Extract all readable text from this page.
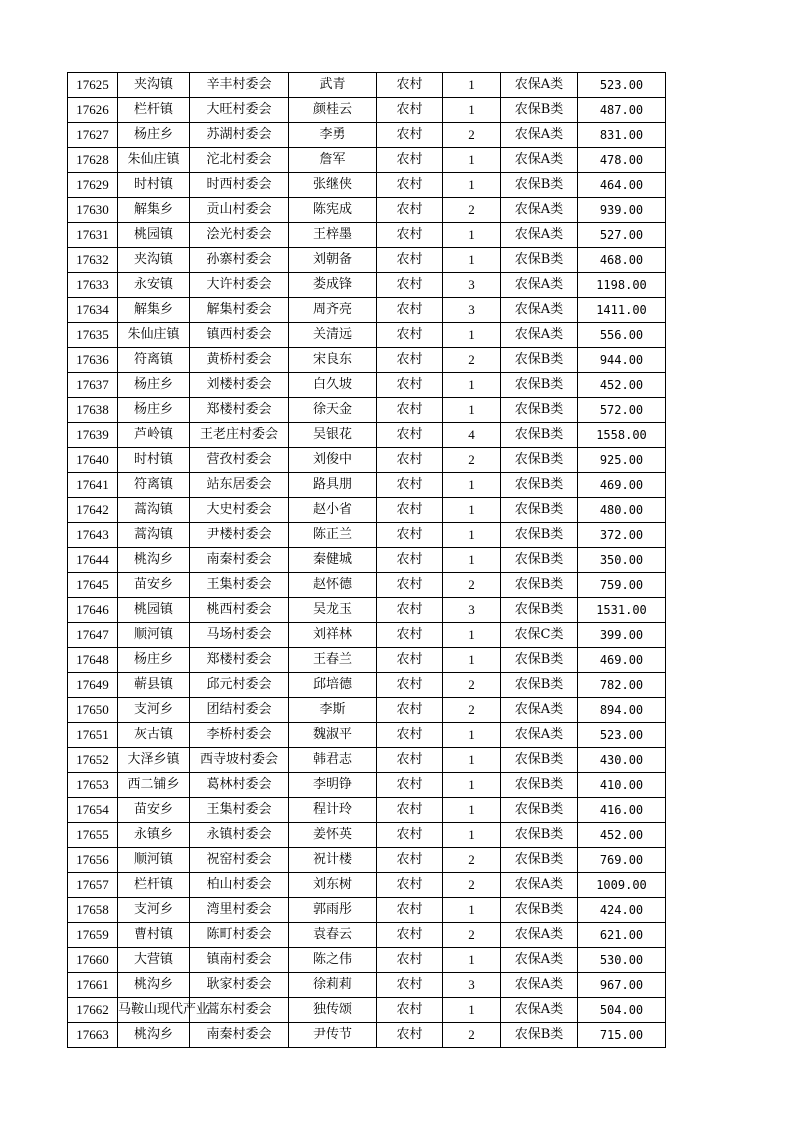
17625	夹沟镇	辛丰村委会	武青	农村	1	农保A类	523.00
17626	栏杆镇	大旺村委会	颜桂云	农村	1	农保B类	487.00
17627	杨庄乡	苏湖村委会	李勇	农村	2	农保A类	831.00
17628	朱仙庄镇	沱北村委会	詹军	农村	1	农保A类	478.00
17629	时村镇	时西村委会	张继侠	农村	1	农保B类	464.00
17630	解集乡	贡山村委会	陈宪成	农村	2	农保A类	939.00
17631	桃园镇	浍光村委会	王梓墨	农村	1	农保A类	527.00
17632	夹沟镇	孙寨村委会	刘朝备	农村	1	农保B类	468.00
17633	永安镇	大许村委会	娄成锋	农村	3	农保A类	1198.00
17634	解集乡	解集村委会	周齐亮	农村	3	农保A类	1411.00
17635	朱仙庄镇	镇西村委会	关清远	农村	1	农保A类	556.00
17636	符离镇	黄桥村委会	宋良东	农村	2	农保B类	944.00
17637	杨庄乡	刘楼村委会	白久坡	农村	1	农保B类	452.00
17638	杨庄乡	郑楼村委会	徐天金	农村	1	农保B类	572.00
17639	芦岭镇	王老庄村委会	吴银花	农村	4	农保B类	1558.00
17640	时村镇	营孜村委会	刘俊中	农村	2	农保B类	925.00
17641	符离镇	站东居委会	路具朋	农村	1	农保B类	469.00
17642	蒿沟镇	大史村委会	赵小省	农村	1	农保B类	480.00
17643	蒿沟镇	尹楼村委会	陈正兰	农村	1	农保B类	372.00
17644	桃沟乡	南秦村委会	秦健城	农村	1	农保B类	350.00
17645	苗安乡	王集村委会	赵怀德	农村	2	农保B类	759.00
17646	桃园镇	桃西村委会	吴龙玉	农村	3	农保B类	1531.00
17647	顺河镇	马场村委会	刘祥林	农村	1	农保C类	399.00
17648	杨庄乡	郑楼村委会	王春兰	农村	1	农保B类	469.00
17649	蕲县镇	邱元村委会	邱培德	农村	2	农保B类	782.00
17650	支河乡	团结村委会	李斯	农村	2	农保A类	894.00
17651	灰古镇	李桥村委会	魏淑平	农村	1	农保A类	523.00
17652	大泽乡镇	西寺坡村委会	韩君志	农村	1	农保B类	430.00
17653	西二铺乡	葛林村委会	李明铮	农村	1	农保B类	410.00
17654	苗安乡	王集村委会	程计玲	农村	1	农保B类	416.00
17655	永镇乡	永镇村委会	姜怀英	农村	1	农保B类	452.00
17656	顺河镇	祝窑村委会	祝计楼	农村	2	农保B类	769.00
17657	栏杆镇	柏山村委会	刘东树	农村	2	农保A类	1009.00
17658	支河乡	湾里村委会	郭雨彤	农村	1	农保B类	424.00
17659	曹村镇	陈町村委会	袁春云	农村	2	农保A类	621.00
17660	大营镇	镇南村委会	陈之伟	农村	1	农保A类	530.00
17661	桃沟乡	耿家村委会	徐莉莉	农村	3	农保A类	967.00
17662	马鞍山现代产业	蒿东村委会	独传颂	农村	1	农保A类	504.00
17663	桃沟乡	南秦村委会	尹传节	农村	2	农保B类	715.00
